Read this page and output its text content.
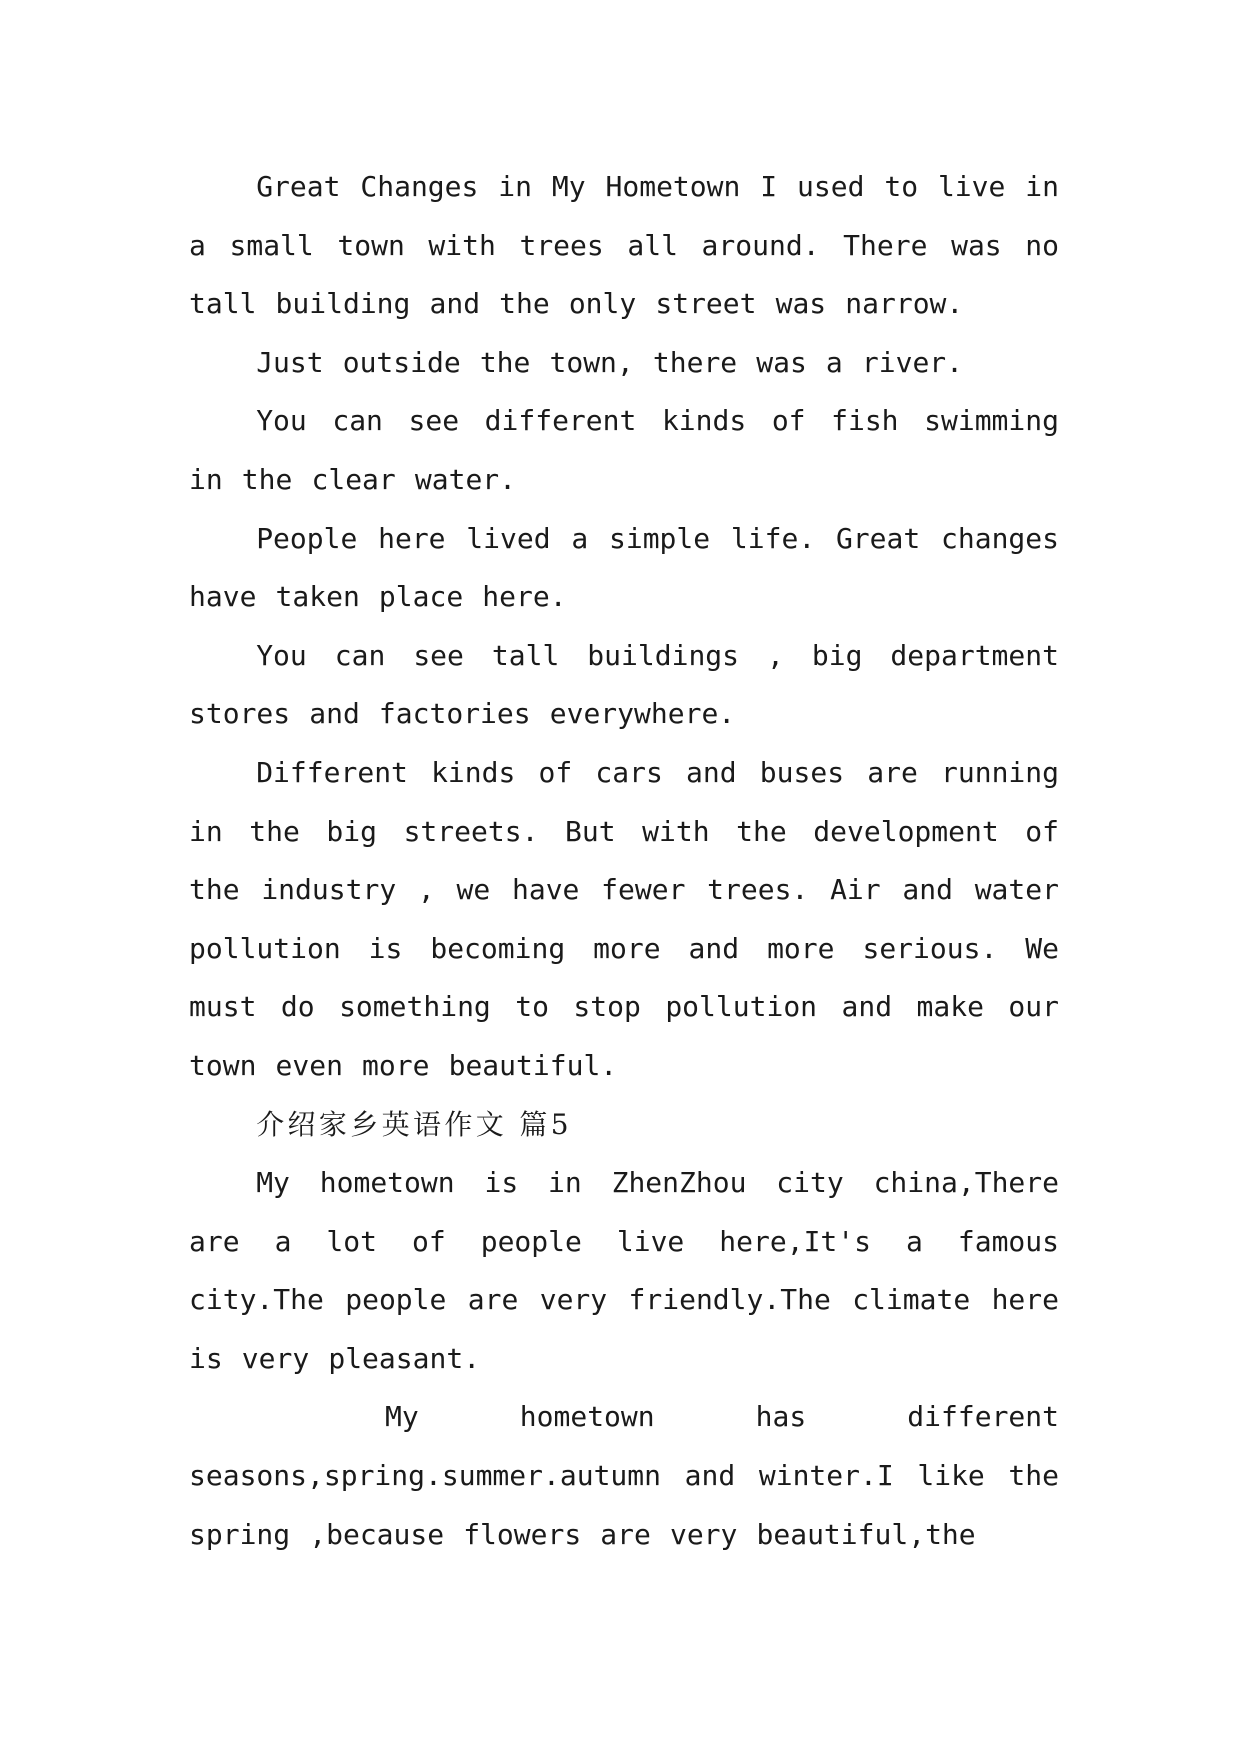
Great Changes in My Hometown I used to live in a small town with trees all around. There was no tall building and the only street was narrow.

Just outside the town, there was a river.

You can see different kinds of fish swimming in the clear water.

People here lived a simple life. Great changes have taken place here.

You can see tall buildings , big department stores and factories everywhere.

Different kinds of cars and buses are running in the big streets. But with the development of the industry , we have fewer trees. Air and water pollution is becoming more and more serious. We must do something to stop pollution and make our town even more beautiful.

介绍家乡英语作文 篇5

My hometown is in ZhenZhou city china,There are a lot of people live here,It's a famous city.The people are very friendly.The climate here is very pleasant.

My hometown has different seasons,spring.summer.autumn and winter.I like the spring ,because flowers are very beautiful,the
